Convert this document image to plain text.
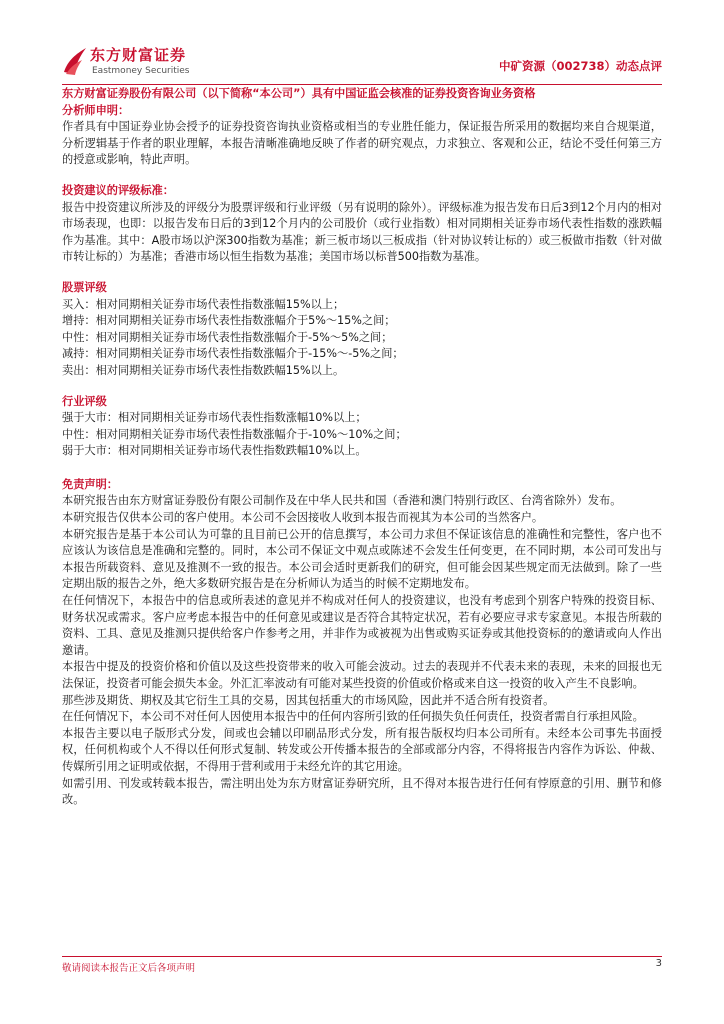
东方财富证券
Eastmoney Securities	中矿资源（002738）动态点评

东方财富证券股份有限公司（以下简称“本公司”）具有中国证监会核准的证券投资咨询业务资格

分析师申明：

作者具有中国证券业协会授予的证券投资咨询执业资格或相当的专业胜任能力，保证报告所采用的数据均来自合规渠道，分析逻辑基于作者的职业理解，本报告清晰准确地反映了作者的研究观点，力求独立、客观和公正，结论不受任何第三方的授意或影响，特此声明。

投资建议的评级标准：

报告中投资建议所涉及的评级分为股票评级和行业评级（另有说明的除外）。评级标准为报告发布日后3到12个月内的相对市场表现，也即：以报告发布日后的3到12个月内的公司股价（或行业指数）相对同期相关证券市场代表性指数的涨跌幅作为基准。其中：A股市场以沪深300指数为基准；新三板市场以三板成指（针对协议转让标的）或三板做市指数（针对做市转让标的）为基准；香港市场以恒生指数为基准；美国市场以标普500指数为基准。

股票评级

买入：相对同期相关证券市场代表性指数涨幅15%以上；

增持：相对同期相关证券市场代表性指数涨幅介于5%～15%之间；

中性：相对同期相关证券市场代表性指数涨幅介于-5%～5%之间；

减持：相对同期相关证券市场代表性指数涨幅介于-15%～-5%之间；

卖出：相对同期相关证券市场代表性指数跌幅15%以上。

行业评级

强于大市：相对同期相关证券市场代表性指数涨幅10%以上；

中性：相对同期相关证券市场代表性指数涨幅介于-10%～10%之间；

弱于大市：相对同期相关证券市场代表性指数跌幅10%以上。

免责声明：

本研究报告由东方财富证券股份有限公司制作及在中华人民共和国（香港和澳门特别行政区、台湾省除外）发布。

本研究报告仅供本公司的客户使用。本公司不会因接收人收到本报告而视其为本公司的当然客户。

本研究报告是基于本公司认为可靠的且目前已公开的信息撰写，本公司力求但不保证该信息的准确性和完整性，客户也不应该认为该信息是准确和完整的。同时，本公司不保证文中观点或陈述不会发生任何变更，在不同时期，本公司可发出与本报告所载资料、意见及推测不一致的报告。本公司会适时更新我们的研究，但可能会因某些规定而无法做到。除了一些定期出版的报告之外，绝大多数研究报告是在分析师认为适当的时候不定期地发布。

在任何情况下，本报告中的信息或所表述的意见并不构成对任何人的投资建议，也没有考虑到个别客户特殊的投资目标、财务状况或需求。客户应考虑本报告中的任何意见或建议是否符合其特定状况，若有必要应寻求专家意见。本报告所载的资料、工具、意见及推测只提供给客户作参考之用，并非作为或被视为出售或购买证券或其他投资标的的邀请或向人作出邀请。

本报告中提及的投资价格和价值以及这些投资带来的收入可能会波动。过去的表现并不代表未来的表现，未来的回报也无法保证，投资者可能会损失本金。外汇汇率波动有可能对某些投资的价值或价格或来自这一投资的收入产生不良影响。

那些涉及期货、期权及其它衍生工具的交易，因其包括重大的市场风险，因此并不适合所有投资者。

在任何情况下，本公司不对任何人因使用本报告中的任何内容所引致的任何损失负任何责任，投资者需自行承担风险。

本报告主要以电子版形式分发，间或也会辅以印刷品形式分发，所有报告版权均归本公司所有。未经本公司事先书面授权，任何机构或个人不得以任何形式复制、转发或公开传播本报告的全部或部分内容，不得将报告内容作为诉讼、仲裁、传媒所引用之证明或依据，不得用于营利或用于未经允许的其它用途。

如需引用、刊发或转载本报告，需注明出处为东方财富证券研究所，且不得对本报告进行任何有悖原意的引用、删节和修改。

敬请阅读本报告正文后各项声明	3
